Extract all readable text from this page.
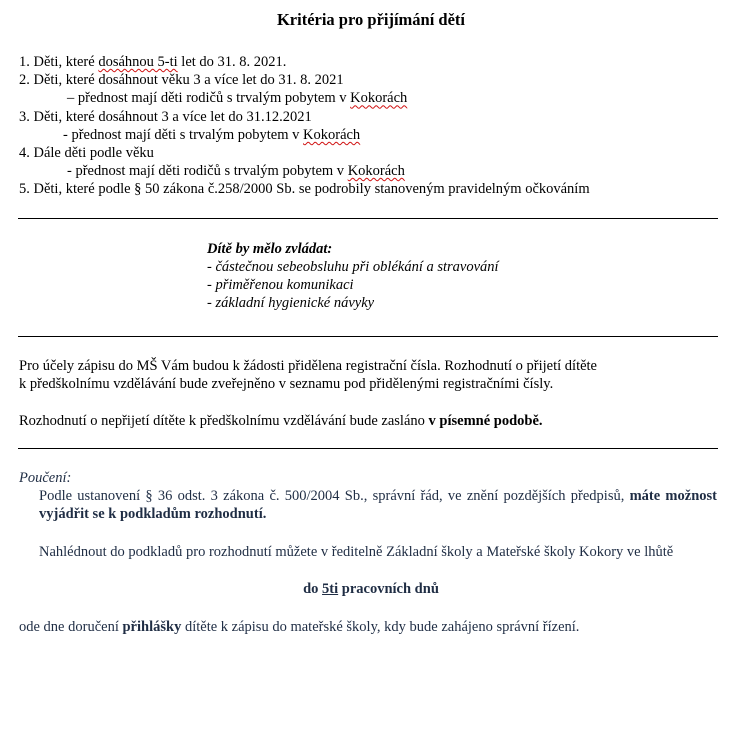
Kritéria pro přijímání dětí
1. Děti, které dosáhnou 5-ti let do 31. 8. 2021.
2. Děti, které dosáhnout věku 3 a více let do 31. 8. 2021
– přednost mají děti rodičů s trvalým pobytem v Kokorách
3. Děti, které dosáhnout 3 a více let do 31.12.2021
- přednost mají děti s trvalým pobytem v Kokorách
4. Dále děti podle věku
- přednost mají děti rodičů s trvalým pobytem v Kokorách
5. Děti, které podle § 50 zákona č.258/2000 Sb. se podrobily stanoveným pravidelným očkováním
Dítě by mělo zvládat:
- částečnou sebeobsluhu při oblékání a stravování
- přiměřenou komunikaci
- základní hygienické návyky
Pro účely zápisu do MŠ Vám budou k žádosti přidělena registrační čísla. Rozhodnutí o přijetí dítěte
k předškolnímu vzdělávání bude zveřejněno v seznamu pod přidělenými registračními čísly.
Rozhodnutí o nepřijetí dítěte k předškolnímu vzdělávání bude zasláno v písemné podobě.
Poučení:
Podle ustanovení § 36 odst. 3 zákona č. 500/2004 Sb., správní řád, ve znění pozdějších předpisů, máte možnost vyjádřit se k podkladům rozhodnutí.
Nahlédnout do podkladů pro rozhodnutí můžete v ředitelně Základní školy a Mateřské školy Kokory ve lhůtě
do 5ti pracovních dnů
ode dne doručení přihlášky dítěte k zápisu do mateřské školy, kdy bude zahájeno správní řízení.
